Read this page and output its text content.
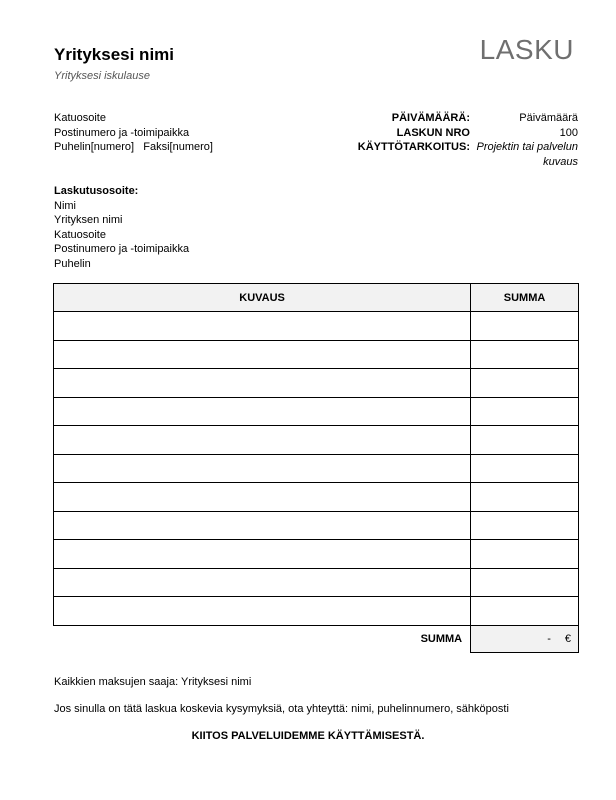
Yrityksesi nimi
Yrityksesi iskulause
LASKU
Katuosoite
Postinumero ja -toimipaikka
Puhelin[numero]   Faksi[numero]
PÄIVÄMÄÄRÄ:	Päivämäärä
LASKUN NRO	100
KÄYTTÖTARKOITUS: Projektin tai palvelun kuvaus
Laskutusosoite:
Nimi
Yrityksen nimi
Katuosoite
Postinumero ja -toimipaikka
Puhelin
KUVAUS	SUMMA

SUMMA	- €
Kaikkien maksujen saaja: Yrityksesi nimi
Jos sinulla on tätä laskua koskevia kysymyksiä, ota yhteyttä: nimi, puhelinnumero, sähköposti
KIITOS PALVELUIDEMME KÄYTTÄMISESTÄ.
